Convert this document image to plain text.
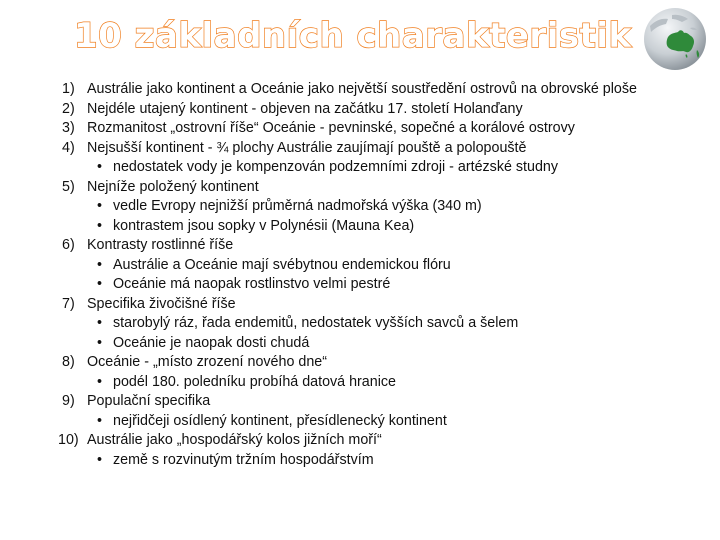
10 základních charakteristik
1) Austrálie jako kontinent a Oceánie jako největší soustředění ostrovů na obrovské ploše
2) Nejdéle utajený kontinent - objeven na začátku 17. století Holanďany
3) Rozmanitost „ostrovní říše“ Oceánie - pevninské, sopečné a korálové ostrovy
4) Nejsušší kontinent - ¾ plochy Austrálie zaujímají pouště a polopouště
• nedostatek vody je kompenzován podzemními zdroji - artézské studny
5) Nejníže položený kontinent
• vedle Evropy nejnižší průměrná nadmořská výška (340 m)
• kontrastem jsou sopky v Polynésii (Mauna Kea)
6) Kontrasty rostlinné říše
• Austrálie a Oceánie mají svébytnou endemickou flóru
• Oceánie má naopak rostlinstvo velmi pestré
7) Specifika živočišné říše
• starobylý ráz, řada endemitů, nedostatek vyšších savců a šelem
• Oceánie je naopak dosti chudá
8) Oceánie - „místo zrození nového dne“
• podél 180. poledníku probíhá datová hranice
9) Populační specifika
• nejřidčeji osídlený kontinent, přesídlenecký kontinent
10) Austrálie jako „hospodářský kolos jižních moří“
• země s rozvinutým tržním hospodářstvím
